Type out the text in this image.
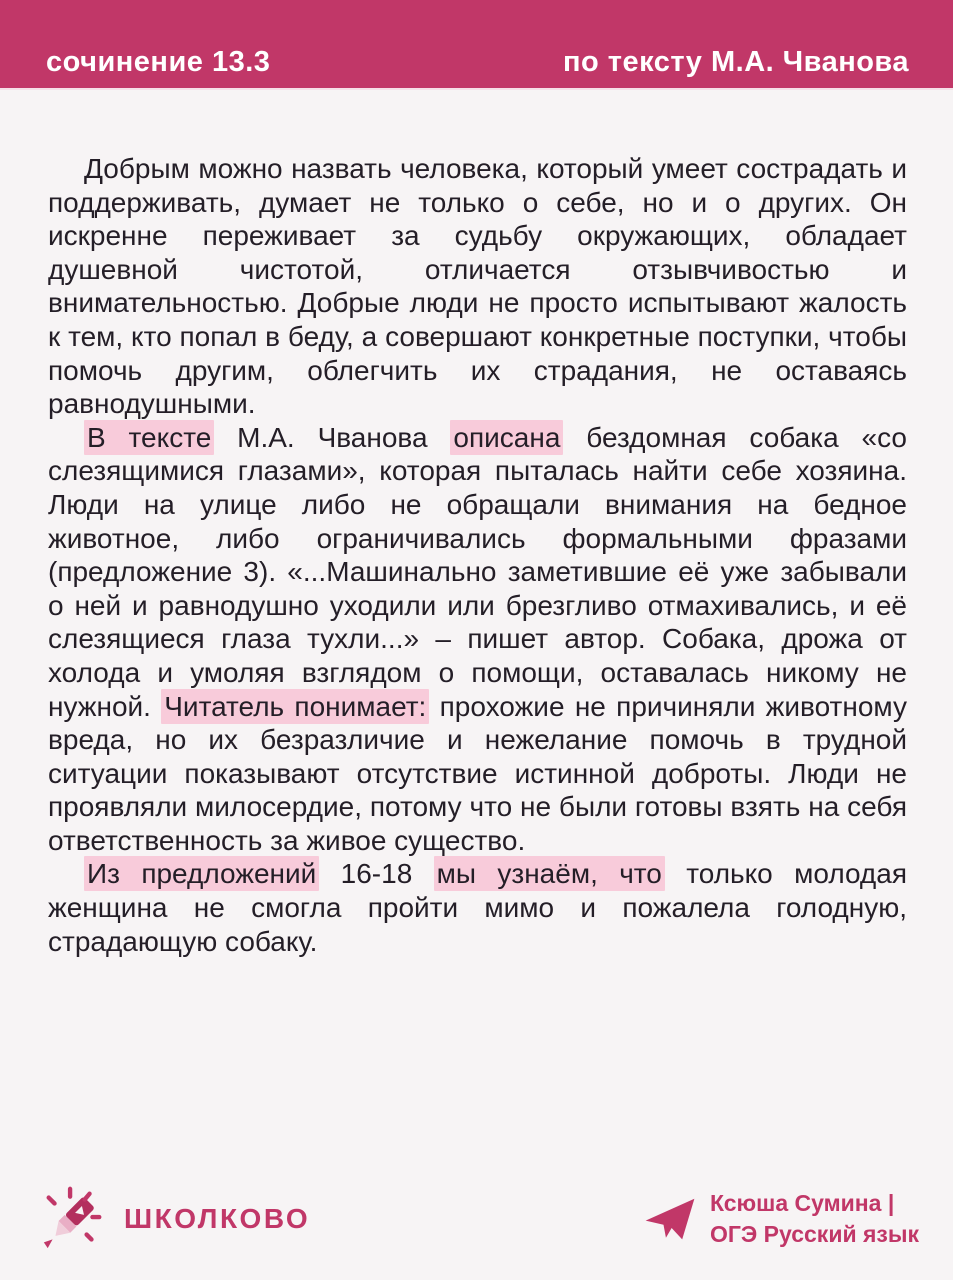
сочинение 13.3	по тексту М.А. Чванова

Добрым можно назвать человека, который умеет сострадать и поддерживать, думает не только о себе, но и о других. Он искренне переживает за судьбу окружающих, обладает душевной чистотой, отличается отзывчивостью и внимательностью. Добрые люди не просто испытывают жалость к тем, кто попал в беду, а совершают конкретные поступки, чтобы помочь другим, облегчить их страдания, не оставаясь равнодушными.

В тексте М.А. Чванова описана бездомная собака «со слезящимися глазами», которая пыталась найти себе хозяина. Люди на улице либо не обращали внимания на бедное животное, либо ограничивались формальными фразами (предложение 3). «...Машинально заметившие её уже забывали о ней и равнодушно уходили или брезгливо отмахивались, и её слезящиеся глаза тухли...» – пишет автор. Собака, дрожа от холода и умоляя взглядом о помощи, оставалась никому не нужной. Читатель понимает: прохожие не причиняли животному вреда, но их безразличие и нежелание помочь в трудной ситуации показывают отсутствие истинной доброты. Люди не проявляли милосердие, потому что не были готовы взять на себя ответственность за живое существо.

Из предложений 16-18 мы узнаём, что только молодая женщина не смогла пройти мимо и пожалела голодную, страдающую собаку.

ШКОЛКОВО	Ксюша Сумина |
ОГЭ Русский язык
